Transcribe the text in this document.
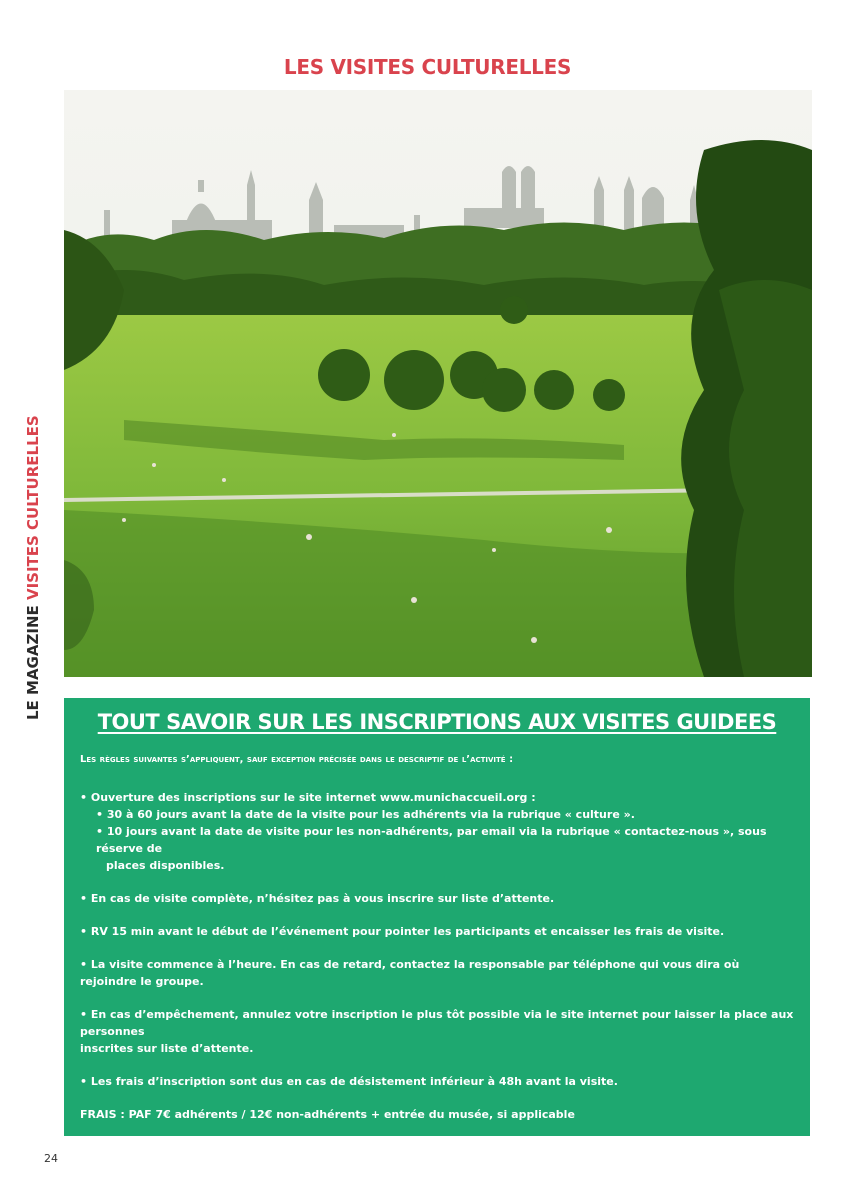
LES VISITES CULTURELLES
LE MAGAZINE VISITES CULTURELLES
TOUT SAVOIR SUR LES INSCRIPTIONS AUX VISITES GUIDEES
Les règles suivantes s’appliquent, sauf exception précisée dans le descriptif de l’activité :
• Ouverture des inscriptions sur le site internet www.munichaccueil.org :
• 30 à 60 jours avant la date de la visite pour les adhérents via la rubrique « culture ».
• 10 jours avant la date de visite pour les non-adhérents, par email via la rubrique « contactez-nous », sous réserve de
places disponibles.
• En cas de visite complète, n’hésitez pas à vous inscrire sur liste d’attente.
• RV 15 min avant le début de l’événement pour pointer les participants et encaisser les frais de visite.
• La visite commence à l’heure. En cas de retard, contactez la responsable par téléphone qui vous dira où rejoindre le groupe.
• En cas d’empêchement, annulez votre inscription le plus tôt possible via le site internet pour laisser la place aux personnes
inscrites sur liste d’attente.
• Les frais d’inscription sont dus en cas de désistement inférieur à 48h avant la visite.
FRAIS : PAF 7€ adhérents / 12€ non-adhérents + entrée du musée, si applicable
TOUTES LES INFORMATIONS PRATIQUES DES VISITES GUIDÉES SONT DISPONIBLES SUR LE SITE www.munichaccueil.org
Lieu et heure du RDV, noms du guide et responsable Munich Accueil.
24
